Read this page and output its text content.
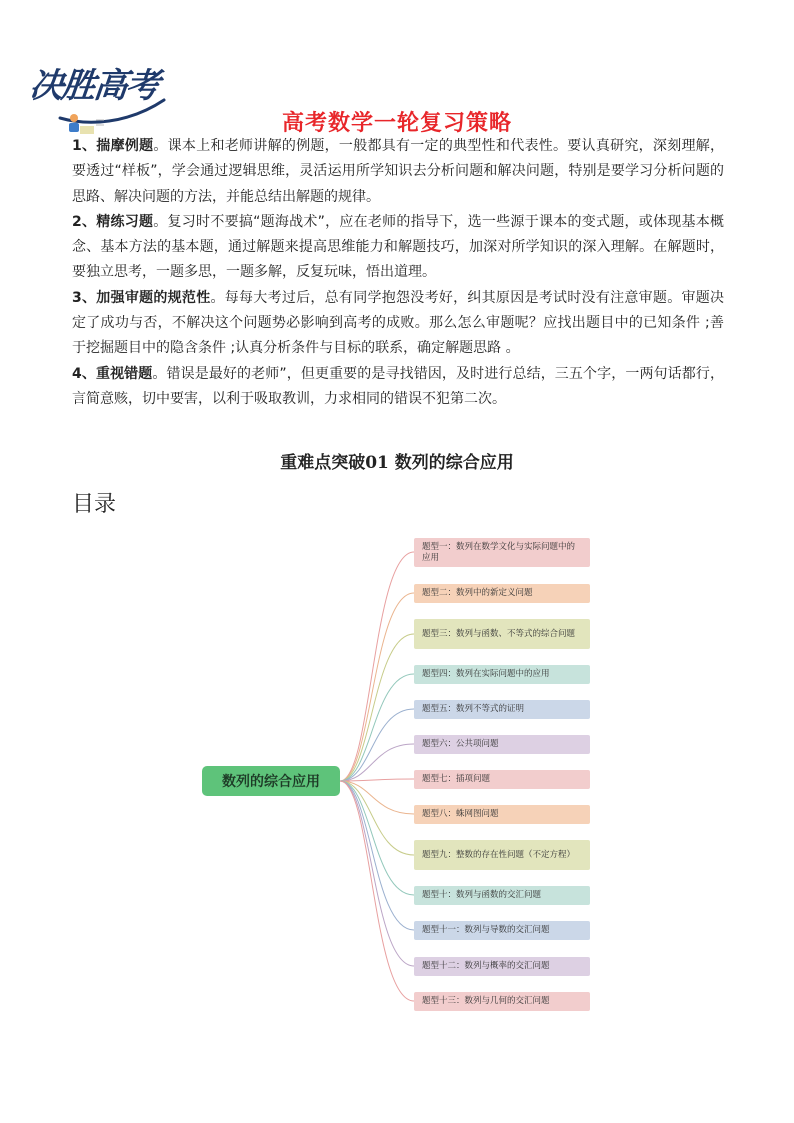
决胜高考
高考数学一轮复习策略

1、揣摩例题。课本上和老师讲解的例题，一般都具有一定的典型性和代表性。要认真研究，深刻理解，要透过“样板”，学会通过逻辑思维，灵活运用所学知识去分析问题和解决问题，特别是要学习分析问题的思路、解决问题的方法，并能总结出解题的规律。

2、精练习题。复习时不要搞“题海战术”，应在老师的指导下，选一些源于课本的变式题，或体现基本概念、基本方法的基本题，通过解题来提高思维能力和解题技巧，加深对所学知识的深入理解。在解题时，要独立思考，一题多思，一题多解，反复玩味，悟出道理。

3、加强审题的规范性。每每大考过后，总有同学抱怨没考好，纠其原因是考试时没有注意审题。审题决定了成功与否，不解决这个问题势必影响到高考的成败。那么怎么审题呢？应找出题目中的已知条件 ;善于挖掘题目中的隐含条件 ;认真分析条件与目标的联系，确定解题思路 。

4、重视错题。错误是最好的老师”，但更重要的是寻找错因，及时进行总结，三五个字，一两句话都行，言简意赅，切中要害，以利于吸取教训，力求相同的错误不犯第二次。

重难点突破01 数列的综合应用
目录
数列的综合应用
题型一：数列在数学文化与实际问题中的应用
题型二：数列中的新定义问题
题型三：数列与函数、不等式的综合问题
题型四：数列在实际问题中的应用
题型五：数列不等式的证明
题型六：公共项问题
题型七：插项问题
题型八：蛛网图问题
题型九：整数的存在性问题（不定方程）
题型十：数列与函数的交汇问题
题型十一：数列与导数的交汇问题
题型十二：数列与概率的交汇问题
题型十三：数列与几何的交汇问题
